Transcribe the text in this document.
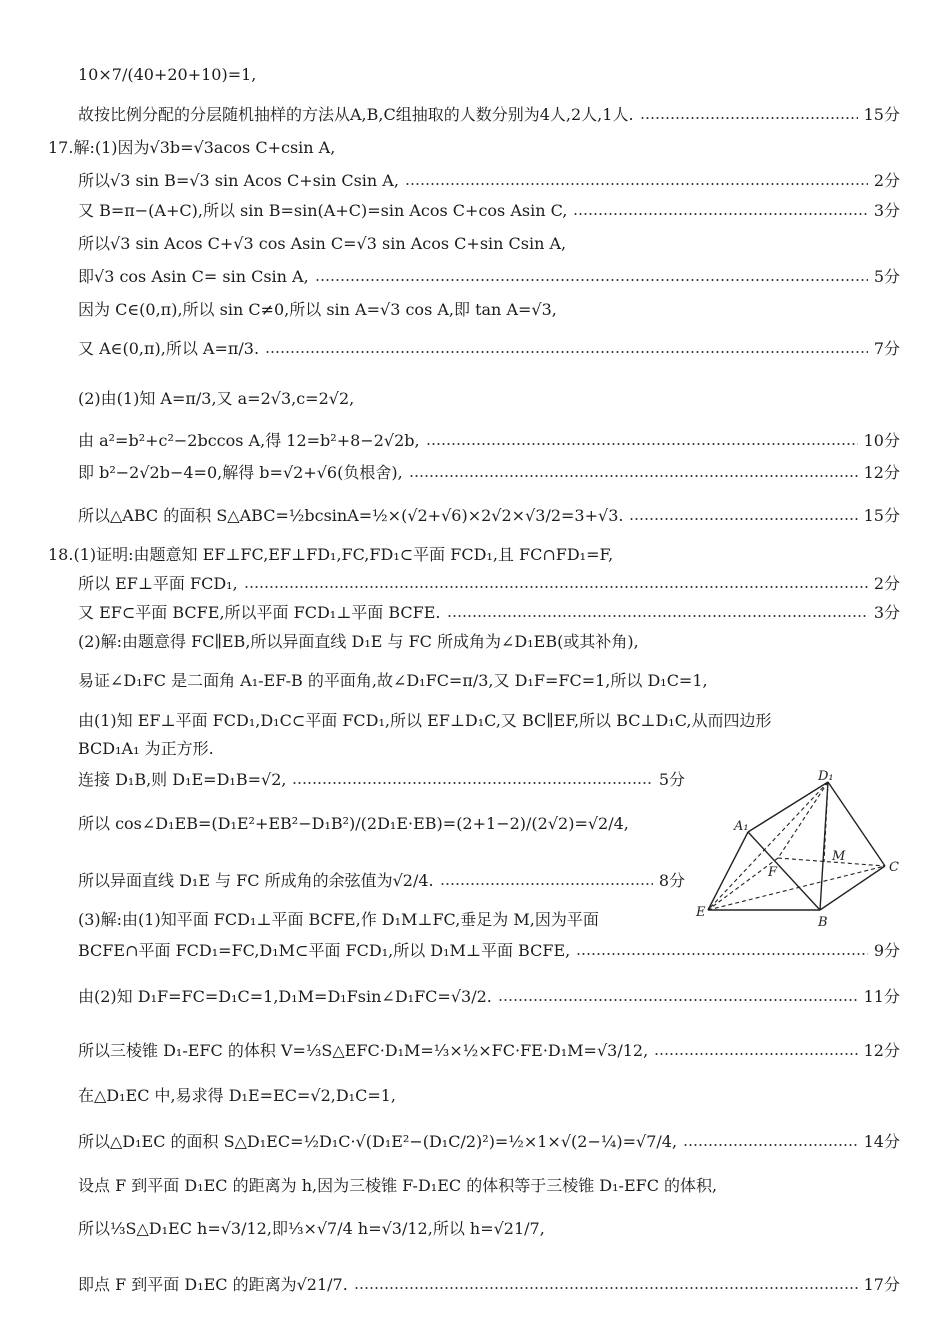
10×7/(40+20+10)=1,
故按比例分配的分层随机抽样的方法从A,B,C组抽取的人数分别为4人,2人,1人.	15分
17.解:(1)因为√3b=√3acos C+csin A,
所以√3 sin B=√3 sin Acos C+sin Csin A,	2分
又 B=π−(A+C),所以 sin B=sin(A+C)=sin Acos C+cos Asin C,	3分
所以√3 sin Acos C+√3 cos Asin C=√3 sin Acos C+sin Csin A,
即√3 cos Asin C= sin Csin A,	5分
因为 C∈(0,π),所以 sin C≠0,所以 sin A=√3 cos A,即 tan A=√3,
又 A∈(0,π),所以 A=π/3.	7分
(2)由(1)知 A=π/3,又 a=2√3,c=2√2,
由 a²=b²+c²−2bccos A,得 12=b²+8−2√2b,	10分
即 b²−2√2b−4=0,解得 b=√2+√6(负根舍),	12分
所以△ABC 的面积 S△ABC=½bcsinA=½×(√2+√6)×2√2×√3/2=3+√3.	15分
18.(1)证明:由题意知 EF⊥FC,EF⊥FD₁,FC,FD₁⊂平面 FCD₁,且 FC∩FD₁=F,
所以 EF⊥平面 FCD₁,	2分
又 EF⊂平面 BCFE,所以平面 FCD₁⊥平面 BCFE.	3分
(2)解:由题意得 FC∥EB,所以异面直线 D₁E 与 FC 所成角为∠D₁EB(或其补角),
易证∠D₁FC 是二面角 A₁-EF-B 的平面角,故∠D₁FC=π/3,又 D₁F=FC=1,所以 D₁C=1,
由(1)知 EF⊥平面 FCD₁,D₁C⊂平面 FCD₁,所以 EF⊥D₁C,又 BC∥EF,所以 BC⊥D₁C,从而四边形
BCD₁A₁ 为正方形.
连接 D₁B,则 D₁E=D₁B=√2,	5分
所以 cos∠D₁EB=(D₁E²+EB²−D₁B²)/(2D₁E·EB)=(2+1−2)/(2√2)=√2/4,
所以异面直线 D₁E 与 FC 所成角的余弦值为√2/4.	8分
(3)解:由(1)知平面 FCD₁⊥平面 BCFE,作 D₁M⊥FC,垂足为 M,因为平面
BCFE∩平面 FCD₁=FC,D₁M⊂平面 FCD₁,所以 D₁M⊥平面 BCFE,	9分
由(2)知 D₁F=FC=D₁C=1,D₁M=D₁Fsin∠D₁FC=√3/2.	11分
所以三棱锥 D₁-EFC 的体积 V=⅓S△EFC·D₁M=⅓×½×FC·FE·D₁M=√3/12,	12分
在△D₁EC 中,易求得 D₁E=EC=√2,D₁C=1,
所以△D₁EC 的面积 S△D₁EC=½D₁C·√(D₁E²−(D₁C/2)²)=½×1×√(2−¼)=√7/4,	14分
设点 F 到平面 D₁EC 的距离为 h,因为三棱锥 F-D₁EC 的体积等于三棱锥 D₁-EFC 的体积,
所以⅓S△D₁EC h=√3/12,即⅓×√7/4 h=√3/12,所以 h=√21/7,
即点 F 到平面 D₁EC 的距离为√21/7.	17分
D₁
A₁
M
F	C
E
B
